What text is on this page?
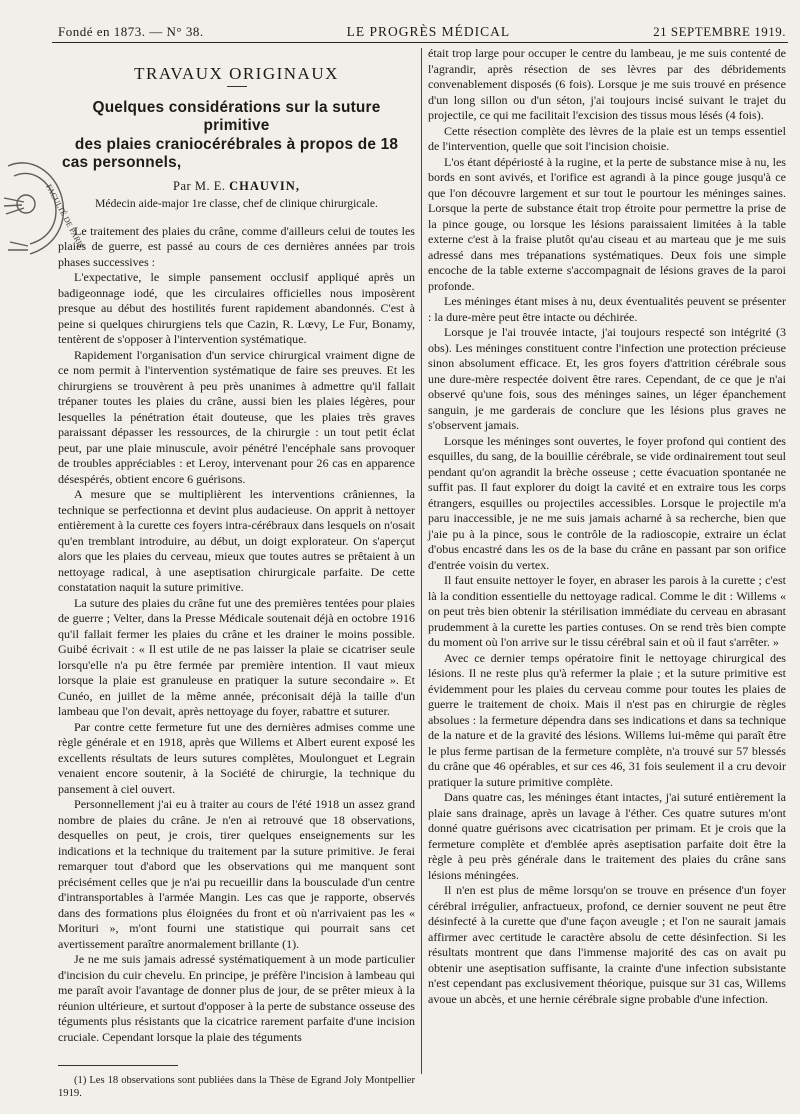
Fondé en 1873. — N° 38.	LE PROGRÈS MÉDICAL	21 SEPTEMBRE 1919.
FACULTÉ DE PARIS
TRAVAUX ORIGINAUX
Quelques considérations sur la suture primitive
des plaies craniocérébrales à propos de 18
cas personnels,
Par M. E. CHAUVIN,
Médecin aide-major 1re classe, chef de clinique chirurgicale.

Le traitement des plaies du crâne, comme d'ailleurs celui de toutes les plaies de guerre, est passé au cours de ces dernières années par trois phases successives :

L'expectative, le simple pansement occlusif appliqué après un badigeonnage iodé, que les circulaires officielles nous imposèrent presque au début des hostilités furent rapidement abandonnés. C'est à peine si quelques chirurgiens tels que Cazin, R. Lœvy, Le Fur, Bonamy, tentèrent de s'opposer à l'intervention systématique.

Rapidement l'organisation d'un service chirurgical vraiment digne de ce nom permit à l'intervention systématique de faire ses preuves. Et les chirurgiens se trouvèrent à peu près unanimes à admettre qu'il fallait trépaner toutes les plaies du crâne, aussi bien les plaies légères, pour lesquelles la pénétration était douteuse, que les plaies très graves paraissant dépasser les ressources, de la chirurgie : un tout petit éclat peut, par une plaie minuscule, avoir pénétré l'encéphale sans provoquer de troubles appréciables : et Leroy, intervenant pour 26 cas en apparence désespérés, obtient encore 6 guérisons.

A mesure que se multiplièrent les interventions crâniennes, la technique se perfectionna et devint plus audacieuse. On apprit à nettoyer entièrement à la curette ces foyers intra-cérébraux dans lesquels on n'osait qu'en tremblant introduire, au début, un doigt explorateur. On s'aperçut alors que les plaies du cerveau, mieux que toutes autres se prêtaient à un nettoyage radical, à une aseptisation chirurgicale parfaite. De cette constatation naquit la suture primitive.

La suture des plaies du crâne fut une des premières tentées pour plaies de guerre ; Velter, dans la Presse Médicale soutenait déjà en octobre 1916 qu'il fallait fermer les plaies du crâne et les drainer le moins possible. Guibé écrivait : « Il est utile de ne pas laisser la plaie se cicatriser seule lorsqu'elle n'a pu être fermée par première intention. Il vaut mieux lorsque la plaie est granuleuse en pratiquer la suture secondaire ». Et Cunéo, en juillet de la même année, préconisait déjà la taille d'un lambeau que l'on devait, après nettoyage du foyer, rabattre et suturer.

Par contre cette fermeture fut une des dernières admises comme une règle générale et en 1918, après que Willems et Albert eurent exposé les excellents résultats de leurs sutures complètes, Moulonguet et Legrain venaient encore soutenir, à la Société de chirurgie, la technique du pansement à ciel ouvert.

Personnellement j'ai eu à traiter au cours de l'été 1918 un assez grand nombre de plaies du crâne. Je n'en ai retrouvé que 18 observations, desquelles on peut, je crois, tirer quelques enseignements sur les indications et la technique du traitement par la suture primitive. Je ferai remarquer tout d'abord que les observations qui me manquent sont précisément celles que je n'ai pu recueillir dans la bousculade d'un centre d'intransportables à l'armée Mangin. Les cas que je rapporte, observés dans des formations plus éloignées du front et où n'arrivaient pas les « Morituri », m'ont fourni une statistique qui pourrait sans cet avertissement paraître anormalement brillante (1).

Je ne me suis jamais adressé systématiquement à un mode particulier d'incision du cuir chevelu. En principe, je préfère l'incision à lambeau qui me paraît avoir l'avantage de donner plus de jour, de se prêter mieux à la réunion ultérieure, et surtout d'opposer à la perte de substance osseuse des téguments plus résistants que la cicatrice rarement parfaite d'une incision cruciale. Cependant lorsque la plaie des téguments

(1) Les 18 observations sont publiées dans la Thèse de Egrand Joly Montpellier 1919.

était trop large pour occuper le centre du lambeau, je me suis contenté de l'agrandir, après résection de ses lèvres par des débridements convenablement disposés (6 fois). Lorsque je me suis trouvé en présence d'un long sillon ou d'un séton, j'ai toujours incisé suivant le trajet du projectile, ce qui me facilitait l'excision des tissus mous lésés (4 fois).

Cette résection complète des lèvres de la plaie est un temps essentiel de l'intervention, quelle que soit l'incision choisie.

L'os étant dépériosté à la rugine, et la perte de substance mise à nu, les bords en sont avivés, et l'orifice est agrandi à la pince gouge jusqu'à ce que l'on découvre largement et sur tout le pourtour les méninges saines. Lorsque la perte de substance était trop étroite pour permettre la prise de la pince gouge, ou lorsque les lésions paraissaient limitées à la table externe c'est à la fraise plutôt qu'au ciseau et au marteau que je me suis adressé dans mes trépanations systématiques. Deux fois une simple encoche de la table externe s'accompagnait de lésions graves de la paroi profonde.

Les méninges étant mises à nu, deux éventualités peuvent se présenter : la dure-mère peut être intacte ou déchirée.

Lorsque je l'ai trouvée intacte, j'ai toujours respecté son intégrité (3 obs). Les méninges constituent contre l'infection une protection précieuse sinon absolument efficace. Et, les gros foyers d'attrition cérébrale sous une dure-mère respectée doivent être rares. Cependant, de ce que je n'ai observé qu'une fois, sous des méninges saines, un léger épanchement sanguin, je me garderais de conclure que les lésions plus graves ne s'observent jamais.

Lorsque les méninges sont ouvertes, le foyer profond qui contient des esquilles, du sang, de la bouillie cérébrale, se vide ordinairement tout seul pendant qu'on agrandit la brèche osseuse ; cette évacuation spontanée ne suffit pas. Il faut explorer du doigt la cavité et en extraire tous les corps étrangers, esquilles ou projectiles accessibles. Lorsque le projectile m'a paru inaccessible, je ne me suis jamais acharné à sa recherche, bien que j'aie pu à la pince, sous le contrôle de la radioscopie, extraire un éclat d'obus encastré dans les os de la base du crâne en passant par son orifice d'entrée voisin du vertex.

Il faut ensuite nettoyer le foyer, en abraser les parois à la curette ; c'est là la condition essentielle du nettoyage radical. Comme le dit : Willems « on peut très bien obtenir la stérilisation immédiate du cerveau en abrasant prudemment à la curette les parties contuses. On se rend très bien compte du moment où l'on arrive sur le tissu cérébral sain et où il faut s'arrêter. »

Avec ce dernier temps opératoire finit le nettoyage chirurgical des lésions. Il ne reste plus qu'à refermer la plaie ; et la suture primitive est évidemment pour les plaies du cerveau comme pour toutes les plaies de guerre le traitement de choix. Mais il n'est pas en chirurgie de règles absolues : la fermeture dépendra dans ses indications et dans sa technique de la nature et de la gravité des lésions. Willems lui-même qui paraît être le plus ferme partisan de la fermeture complète, n'a trouvé sur 57 blessés du crâne que 46 opérables, et sur ces 46, 31 fois seulement il a cru devoir pratiquer la suture primitive complète.

Dans quatre cas, les méninges étant intactes, j'ai suturé entièrement la plaie sans drainage, après un lavage à l'éther. Ces quatre sutures m'ont donné quatre guérisons avec cicatrisation per primam. Et je crois que la fermeture complète et d'emblée après aseptisation parfaite doit être la règle à peu près générale dans le traitement des plaies du crâne sans lésions méningées.

Il n'en est plus de même lorsqu'on se trouve en présence d'un foyer cérébral irrégulier, anfractueux, profond, ce dernier souvent ne peut être désinfecté à la curette que d'une façon aveugle ; et l'on ne saurait jamais affirmer avec certitude le caractère absolu de cette désinfection. Si les résultats montrent que dans l'immense majorité des cas on avait pu obtenir une aseptisation suffisante, la crainte d'une infection subsistante n'est cependant pas exclusivement théorique, puisque sur 31 cas, Willems avoue un abcès, et une hernie cérébrale signe probable d'une infection.
